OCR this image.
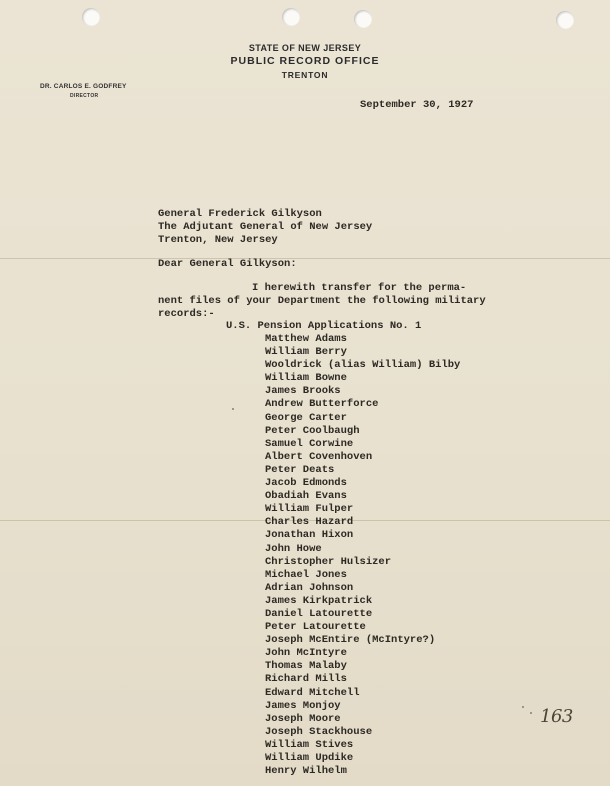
STATE OF NEW JERSEY
PUBLIC RECORD OFFICE
TRENTON
DR. CARLOS E. GODFREY
DIRECTOR
September 30, 1927
General Frederick Gilkyson
The Adjutant General of New Jersey
Trenton, New Jersey
Dear General Gilkyson:
I herewith transfer for the perma-
nent files of your Department the following military
records:-
U.S. Pension Applications No. 1
Matthew Adams
William Berry
Wooldrick (alias William) Bilby
William Bowne
James Brooks
Andrew Butterforce
George Carter
Peter Coolbaugh
Samuel Corwine
Albert Covenhoven
Peter Deats
Jacob Edmonds
Obadiah Evans
William Fulper
Charles Hazard
Jonathan Hixon
John Howe
Christopher Hulsizer
Michael Jones
Adrian Johnson
James Kirkpatrick
Daniel Latourette
Peter Latourette
Joseph McEntire (McIntyre?)
John McIntyre
Thomas Malaby
Richard Mills
Edward Mitchell
James Monjoy
Joseph Moore
Joseph Stackhouse
William Stives
William Updike
Henry Wilhelm
163
